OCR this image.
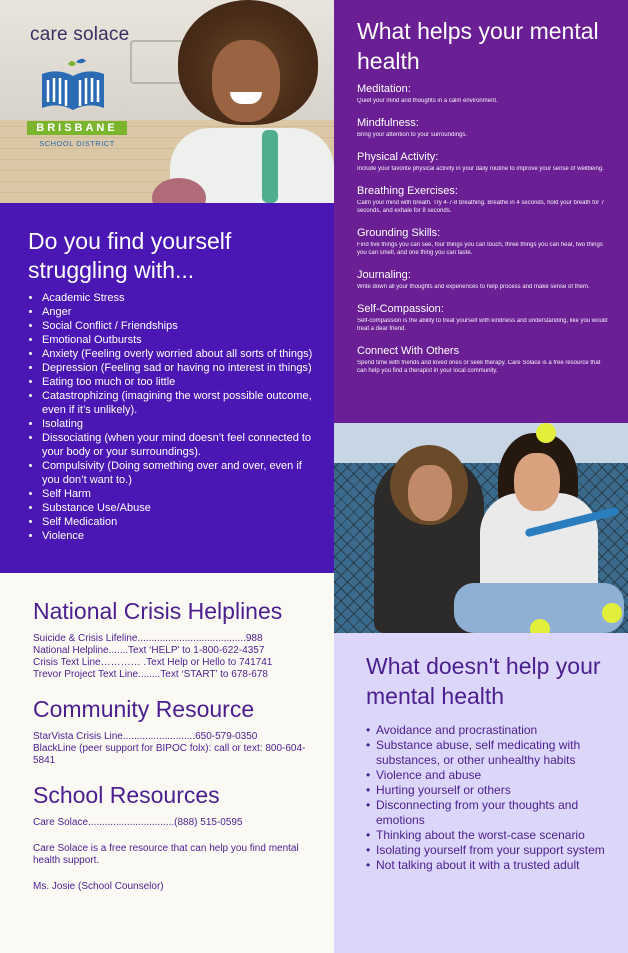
care solace
BRISBANE
SCHOOL DISTRICT
Do you find yourself struggling with...
• Academic Stress
• Anger
• Social Conflict / Friendships
• Emotional Outbursts
• Anxiety (Feeling overly worried about all sorts of things)
• Depression (Feeling sad or having no interest in things)
• Eating too much or too little
• Catastrophizing (imagining the worst possible outcome, even if it’s unlikely).
• Isolating
• Dissociating (when your mind doesn’t feel connected to your body or your surroundings).
• Compulsivity (Doing something over and over, even if you don’t want to.)
• Self Harm
• Substance Use/Abuse
• Self Medication
• Violence
What helps your mental health

Meditation:

Quiet your mind and thoughts in a calm environment.

Mindfulness:

Bring your attention to your surroundings.

Physical Activity:

Include your favorite physical activity in your daily routine to improve your sense of wellbeing.

Breathing Exercises:

Calm your mind with breath. Try 4-7-8 breathing. Breathe in 4 seconds, hold your breath for 7 seconds, and exhale for 8 seconds.

Grounding Skills:

Find five things you can see, four things you can touch, three things you can hear, two things you can smell, and one thing you can taste.

Journaling:

Write down all your thoughts and experiences to help process and make sense of them.

Self-Compassion:

Self-compassion is the ability to treat yourself with kindness and understanding, like you would treat a dear friend.

Connect With Others

Spend time with friends and loved ones or seek therapy. Care Solace is a free resource that can help you find a therapist in your local community.

National Crisis Helplines

Suicide & Crisis Lifeline.......................................988

National Helpline.......Text ‘HELP’ to 1-800-622-4357

Crisis Text Line………… .Text Help or Hello to 741741

Trevor Project Text Line........Text ‘START’ to 678-678

Community Resource

StarVista Crisis Line..........................650-579-0350

BlackLine (peer support for BIPOC folx): call or text: 800-604-5841

School Resources

Care Solace...............................(888) 515-0595

Care Solace is a free resource that can help you find mental health support.

Ms. Josie (School Counselor)

What doesn't help your mental health
• Avoidance and procrastination
• Substance abuse, self medicating with substances, or other unhealthy habits
• Violence and abuse
• Hurting yourself or others
• Disconnecting from your thoughts and emotions
• Thinking about the worst-case scenario
• Isolating yourself from your support system
• Not talking about it with a trusted adult
